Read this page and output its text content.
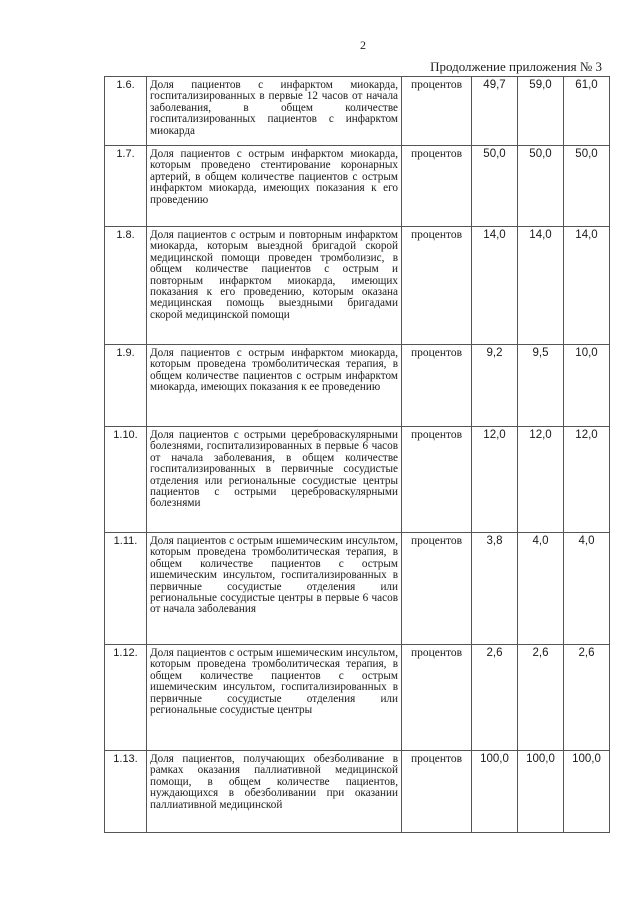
2
Продолжение приложения № 3
1.6.	Доля пациентов с инфарктом миокарда, госпитализированных в первые 12 часов от начала заболевания, в общем количестве госпитализированных пациентов с инфарктом миокарда	процентов	49,7	59,0	61,0
1.7.	Доля пациентов с острым инфарктом миокарда, которым проведено стентирование коронарных артерий, в общем количестве пациентов с острым инфарктом миокарда, имеющих показания к его проведению	процентов	50,0	50,0	50,0
1.8.	Доля пациентов с острым и повторным инфарктом миокарда, которым выездной бригадой скорой медицинской помощи проведен тромболизис, в общем количестве пациентов с острым и повторным инфарктом миокарда, имеющих показания к его проведению, которым оказана медицинская помощь выездными бригадами скорой медицинской помощи	процентов	14,0	14,0	14,0
1.9.	Доля пациентов с острым инфарктом миокарда, которым проведена тромболитическая терапия, в общем количестве пациентов с острым инфарктом миокарда, имеющих показания к ее проведению	процентов	9,2	9,5	10,0
1.10.	Доля пациентов с острыми цереброваскулярными болезнями, госпитализированных в первые 6 часов от начала заболевания, в общем количестве госпитализированных в первичные сосудистые отделения или региональные сосудистые центры пациентов с острыми цереброваскулярными болезнями	процентов	12,0	12,0	12,0
1.11.	Доля пациентов с острым ишемическим инсультом, которым проведена тромболитическая терапия, в общем количестве пациентов с острым ишемическим инсультом, госпитализированных в первичные сосудистые отделения или региональные сосудистые центры в первые 6 часов от начала заболевания	процентов	3,8	4,0	4,0
1.12.	Доля пациентов с острым ишемическим инсультом, которым проведена тромболитическая терапия, в общем количестве пациентов с острым ишемическим инсультом, госпитализированных в первичные сосудистые отделения или региональные сосудистые центры	процентов	2,6	2,6	2,6
1.13.	Доля пациентов, получающих обезболивание в рамках оказания паллиативной медицинской помощи, в общем количестве пациентов, нуждающихся в обезболивании при оказании паллиативной медицинской	процентов	100,0	100,0	100,0
